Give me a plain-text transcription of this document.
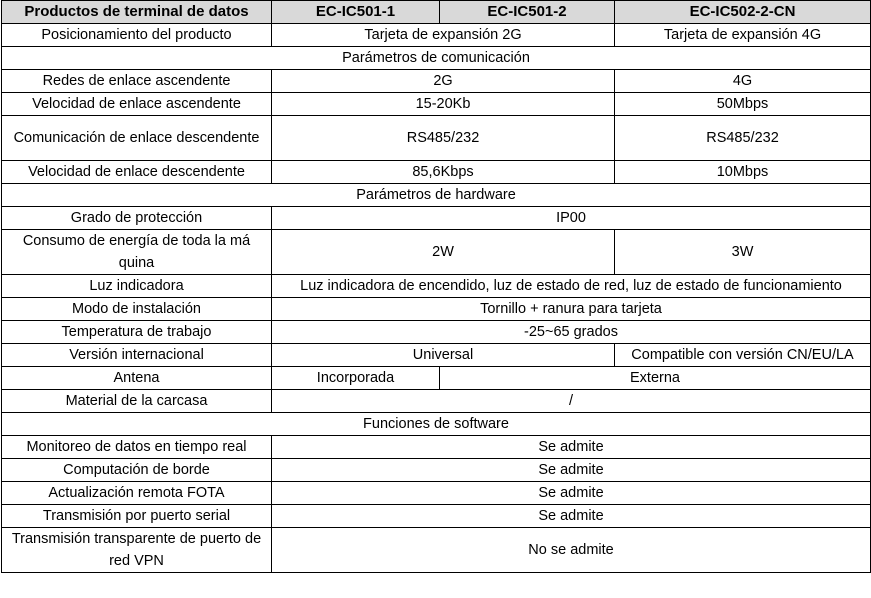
Productos de terminal de datos	EC-IC501-1	EC-IC501-2	EC-IC502-2-CN
Posicionamiento del producto	Tarjeta de expansión 2G		Tarjeta de expansión 4G
Parámetros de comunicación			
Redes de enlace ascendente	2G		4G
Velocidad de enlace ascendente	15-20Kb		50Mbps
Comunicación de enlace descendente	RS485/232		RS485/232
Velocidad de enlace descendente	85,6Kbps		10Mbps
Parámetros de hardware			
Grado de protección	IP00		
Consumo de energía de toda la má quina	2W		3W
Luz indicadora	Luz indicadora de encendido, luz de estado de red, luz de estado de funcionamiento		
Modo de instalación	Tornillo + ranura para tarjeta		
Temperatura de trabajo	-25~65 grados		
Versión internacional	Universal		Compatible con versión CN/EU/LA
Antena	Incorporada	Externa	
Material de la carcasa	/		
Funciones de software			
Monitoreo de datos en tiempo real	Se admite		
Computación de borde	Se admite		
Actualización remota FOTA	Se admite		
Transmisión por puerto serial	Se admite		
Transmisión transparente de puerto de red VPN	No se admite		
